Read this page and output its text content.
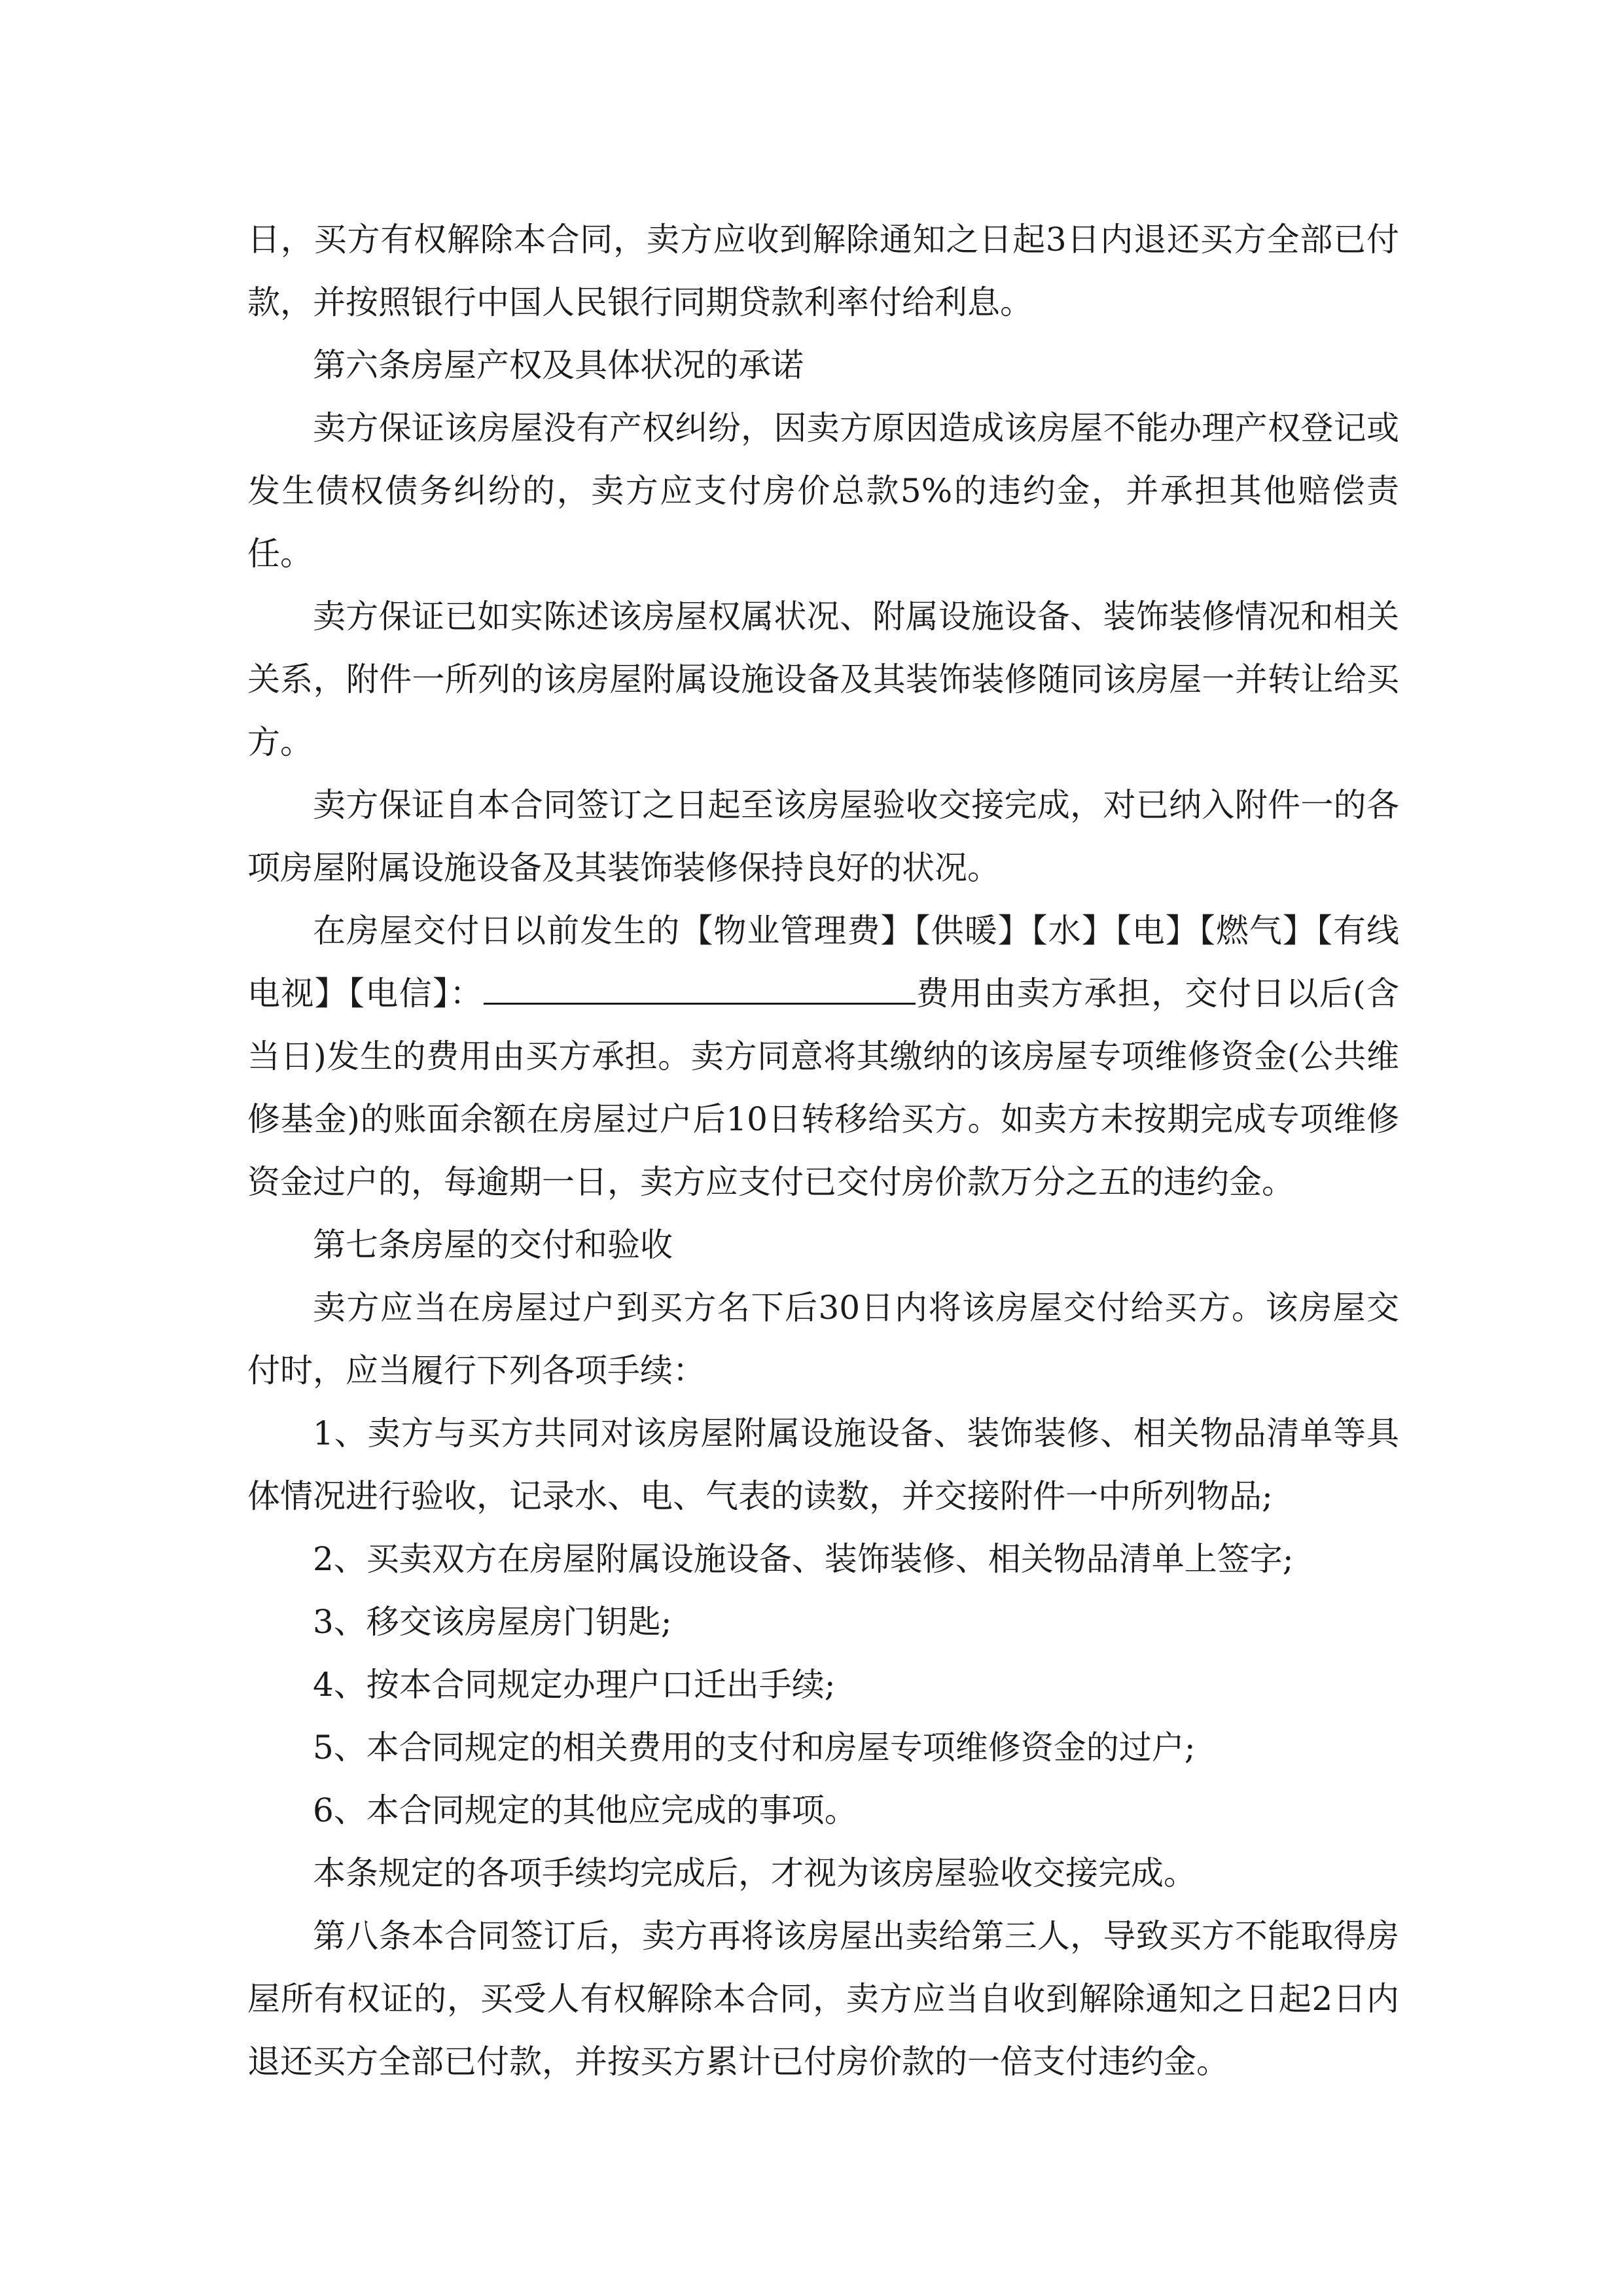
日，买方有权解除本合同，卖方应收到解除通知之日起3日内退还买方全部已付款，并按照银行中国人民银行同期贷款利率付给利息。

第六条房屋产权及具体状况的承诺

卖方保证该房屋没有产权纠纷，因卖方原因造成该房屋不能办理产权登记或发生债权债务纠纷的，卖方应支付房价总款5%的违约金，并承担其他赔偿责任。

卖方保证已如实陈述该房屋权属状况、附属设施设备、装饰装修情况和相关关系，附件一所列的该房屋附属设施设备及其装饰装修随同该房屋一并转让给买方。

卖方保证自本合同签订之日起至该房屋验收交接完成，对已纳入附件一的各项房屋附属设施设备及其装饰装修保持良好的状况。

在房屋交付日以前发生的【物业管理费】【供暖】【水】【电】【燃气】【有线电视】【电信】：	费用由卖方承担，交付日以后(含当日)发生的费用由买方承担。卖方同意将其缴纳的该房屋专项维修资金(公共维修基金)的账面余额在房屋过户后10日转移给买方。如卖方未按期完成专项维修资金过户的，每逾期一日，卖方应支付已交付房价款万分之五的违约金。

第七条房屋的交付和验收

卖方应当在房屋过户到买方名下后30日内将该房屋交付给买方。该房屋交付时，应当履行下列各项手续：

1、卖方与买方共同对该房屋附属设施设备、装饰装修、相关物品清单等具体情况进行验收，记录水、电、气表的读数，并交接附件一中所列物品;

2、买卖双方在房屋附属设施设备、装饰装修、相关物品清单上签字;

3、移交该房屋房门钥匙;

4、按本合同规定办理户口迁出手续;

5、本合同规定的相关费用的支付和房屋专项维修资金的过户;

6、本合同规定的其他应完成的事项。

本条规定的各项手续均完成后，才视为该房屋验收交接完成。

第八条本合同签订后，卖方再将该房屋出卖给第三人，导致买方不能取得房屋所有权证的，买受人有权解除本合同，卖方应当自收到解除通知之日起2日内退还买方全部已付款，并按买方累计已付房价款的一倍支付违约金。
